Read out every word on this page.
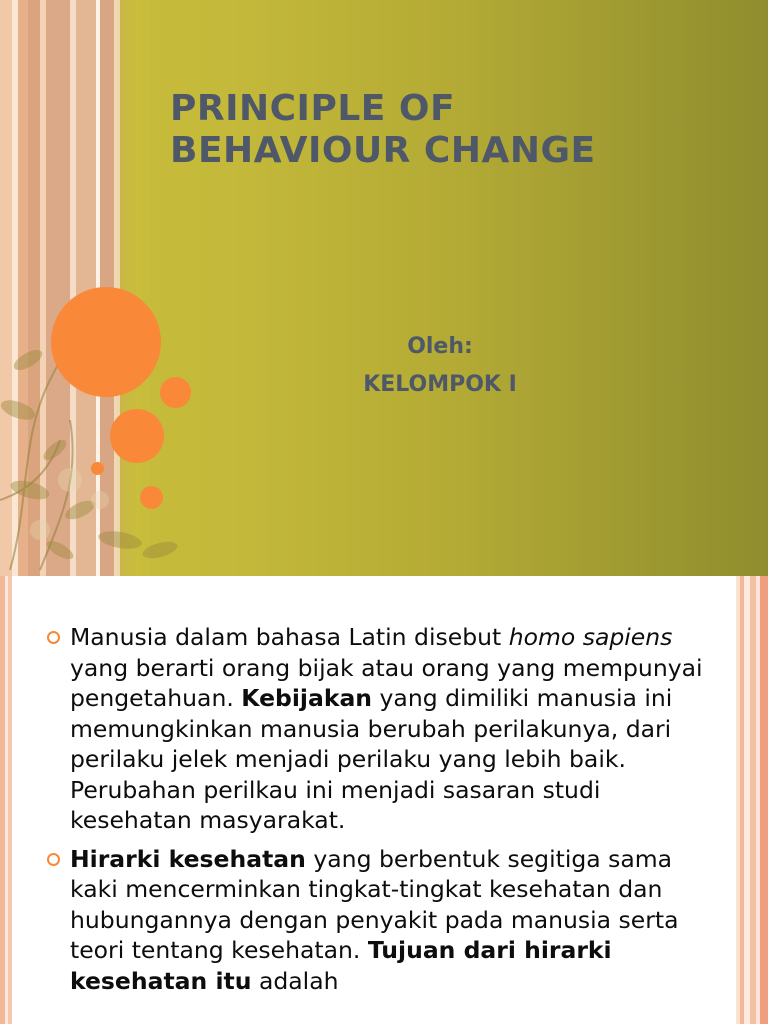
PRINCIPLE OF
BEHAVIOUR CHANGE
Oleh:
KELOMPOK I
Manusia dalam bahasa Latin disebut homo sapiens yang berarti orang bijak atau orang yang mempunyai pengetahuan. Kebijakan yang dimiliki manusia ini memungkinkan manusia berubah perilakunya, dari perilaku jelek menjadi perilaku yang lebih baik. Perubahan perilkau ini menjadi sasaran studi kesehatan masyarakat.
Hirarki kesehatan yang berbentuk segitiga sama kaki mencerminkan tingkat-tingkat kesehatan dan hubungannya dengan penyakit pada manusia serta teori tentang kesehatan. Tujuan dari hirarki kesehatan itu adalah
